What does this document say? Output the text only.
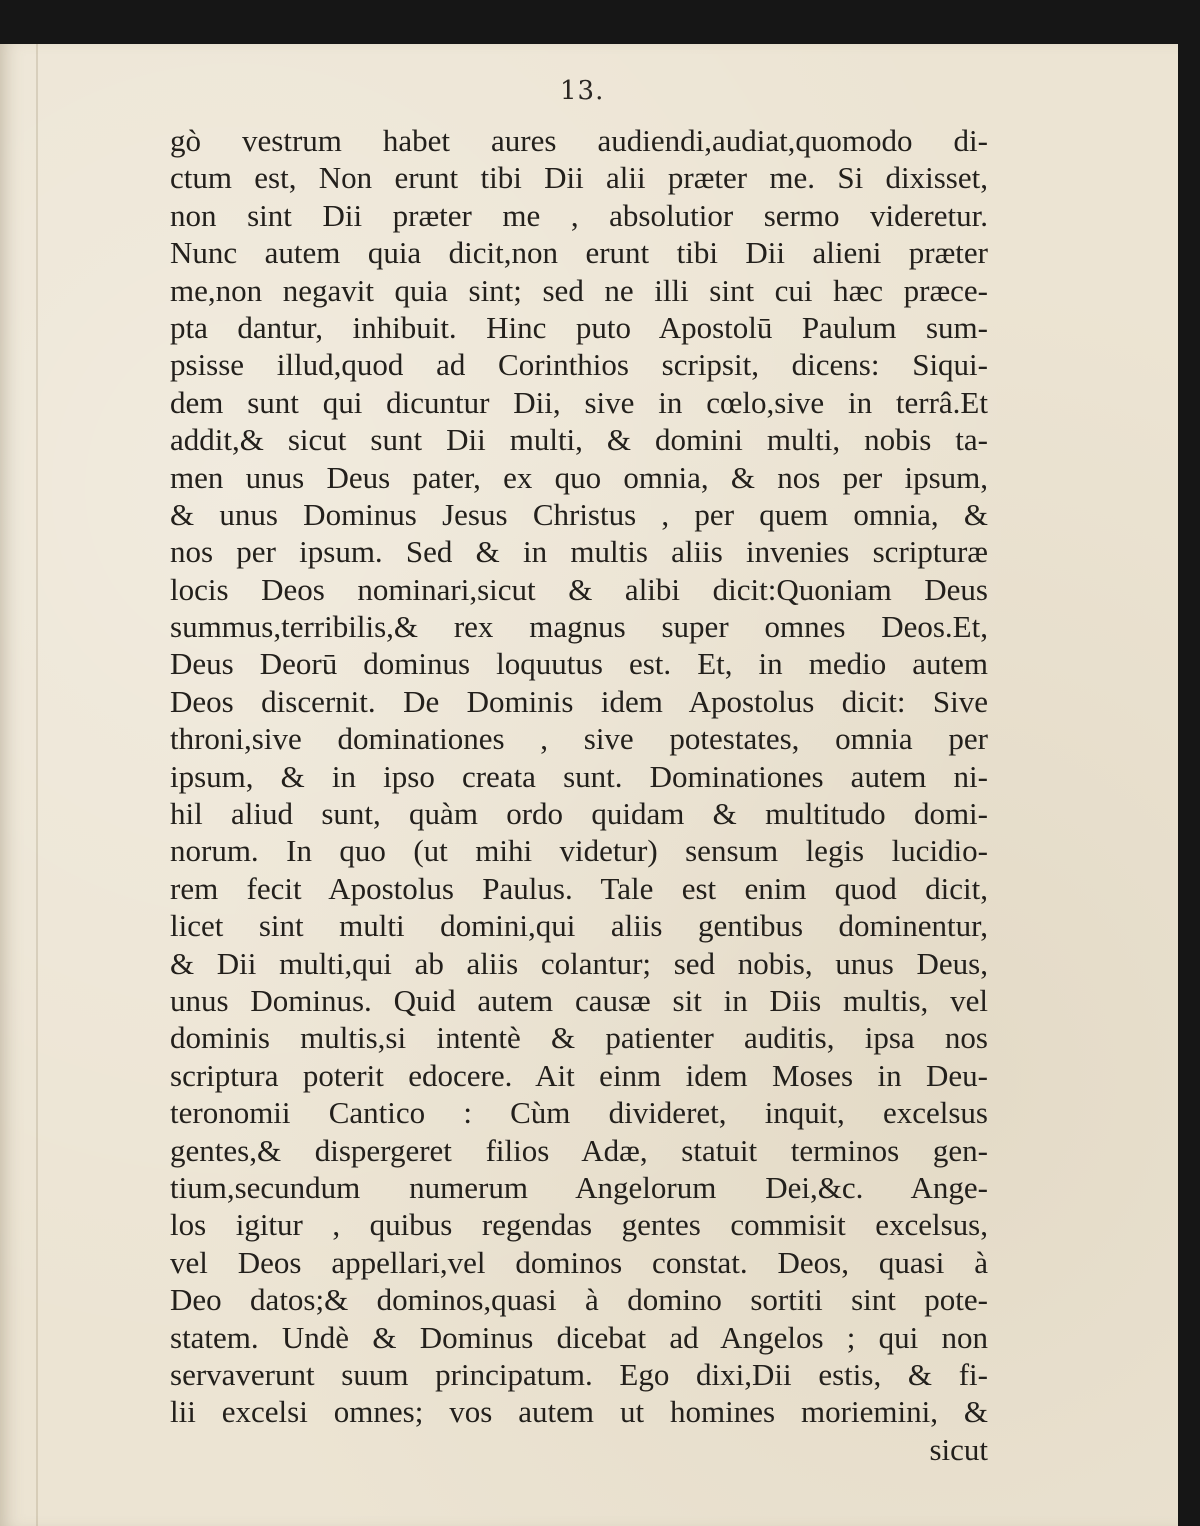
13.
gò vestrum habet aures audiendi,audiat,quomodo di-
ctum est, Non erunt tibi Dii alii præter me. Si dixisset,
non sint Dii præter me , absolutior sermo videretur.
Nunc autem quia dicit,non erunt tibi Dii alieni præter
me,non negavit quia sint; sed ne illi sint cui hæc præce-
pta dantur, inhibuit. Hinc puto Apostolū Paulum sum-
psisse illud,quod ad Corinthios scripsit, dicens: Siqui-
dem sunt qui dicuntur Dii, sive in cœlo,sive in terrâ.Et
addit,& sicut sunt Dii multi, & domini multi, nobis ta-
men unus Deus pater, ex quo omnia, & nos per ipsum,
& unus Dominus Jesus Christus , per quem omnia, &
nos per ipsum. Sed & in multis aliis invenies scripturæ
locis Deos nominari,sicut & alibi dicit:Quoniam Deus
summus,terribilis,& rex magnus super omnes Deos.Et,
Deus Deorū dominus loquutus est. Et, in medio autem
Deos discernit. De Dominis idem Apostolus dicit: Sive
throni,sive dominationes , sive potestates, omnia per
ipsum, & in ipso creata sunt. Dominationes autem ni-
hil aliud sunt, quàm ordo quidam & multitudo domi-
norum. In quo (ut mihi videtur) sensum legis lucidio-
rem fecit Apostolus Paulus. Tale est enim quod dicit,
licet sint multi domini,qui aliis gentibus dominentur,
& Dii multi,qui ab aliis colantur; sed nobis, unus Deus,
unus Dominus. Quid autem causæ sit in Diis multis, vel
dominis multis,si intentè & patienter auditis, ipsa nos
scriptura poterit edocere. Ait einm idem Moses in Deu-
teronomii Cantico : Cùm divideret, inquit, excelsus
gentes,& dispergeret filios Adæ, statuit terminos gen-
tium,secundum numerum Angelorum Dei,&c. Ange-
los igitur , quibus regendas gentes commisit excelsus,
vel Deos appellari,vel dominos constat. Deos, quasi à
Deo datos;& dominos,quasi à domino sortiti sint pote-
statem. Undè & Dominus dicebat ad Angelos ; qui non
servaverunt suum principatum. Ego dixi,Dii estis, & fi-
lii excelsi omnes; vos autem ut homines moriemini, &
sicut
